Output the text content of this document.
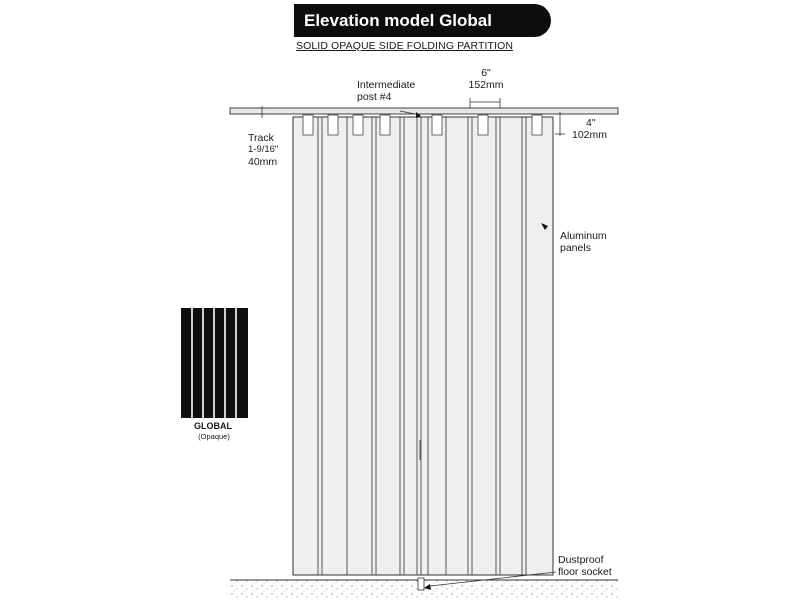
Elevation model Global
SOLID OPAQUE SIDE FOLDING PARTITION
Intermediate
post #4
6"
152mm
Track
1-9/16"
40mm
4"
102mm
Aluminum
panels
Dustproof
floor socket
GLOBAL
(Opaque)
